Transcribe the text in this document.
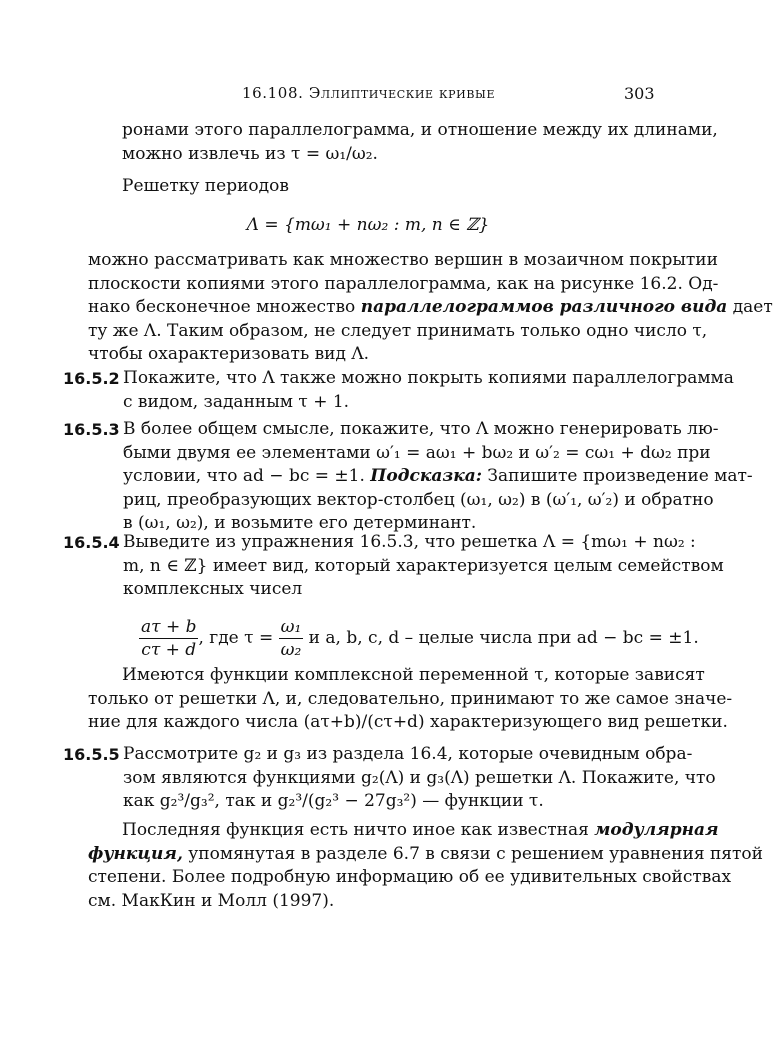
16.108. Эллиптические кривые	303
ронами этого параллелограмма, и отношение между их длинами,
можно извлечь из τ = ω₁/ω₂.
Решетку периодов
Λ = {mω₁ + nω₂ : m, n ∈ ℤ}
можно рассматривать как множество вершин в мозаичном покрытии
плоскости копиями этого параллелограмма, как на рисунке 16.2. Од-
нако бесконечное множество параллелограммов различного вида дает
ту же Λ. Таким образом, не следует принимать только одно число τ,
чтобы охарактеризовать вид Λ.
16.5.2 Покажите, что Λ также можно покрыть копиями параллелограмма
с видом, заданным τ + 1.
16.5.3 В более общем смысле, покажите, что Λ можно генерировать лю-
быми двумя ее элементами ω′₁ = aω₁ + bω₂ и ω′₂ = cω₁ + dω₂ при
условии, что ad − bc = ±1. Подсказка: Запишите произведение мат-
риц, преобразующих вектор-столбец (ω₁, ω₂) в (ω′₁, ω′₂) и обратно
в (ω₁, ω₂), и возьмите его детерминант.
16.5.4 Выведите из упражнения 16.5.3, что решетка Λ = {mω₁ + nω₂ :
m, n ∈ ℤ} имеет вид, который характеризуется целым семейством
комплексных чисел
$\frac{a\tau + b}{c\tau + d}$ , где $\tau = \frac{\text{ω₁}}{\text{ω₂}}$ и a, b, c, d – целые числа при ad − bc = ±1.
Имеются функции комплексной переменной τ, которые зависят
только от решетки Λ, и, следовательно, принимают то же самое значе-
ние для каждого числа (aτ+b)/(cτ+d) характеризующего вид решетки.
16.5.5 Рассмотрите g₂ и g₃ из раздела 16.4, которые очевидным обра-
зом являются функциями g₂(Λ) и g₃(Λ) решетки Λ. Покажите, что
как g₂³/g₃², так и g₂³/(g₂³ − 27g₃²) — функции τ.
Последняя функция есть ничто иное как известная модулярная
функция, упомянутая в разделе 6.7 в связи с решением уравнения пятой
степени. Более подробную информацию об ее удивительных свойствах
см. МакКин и Молл (1997).
